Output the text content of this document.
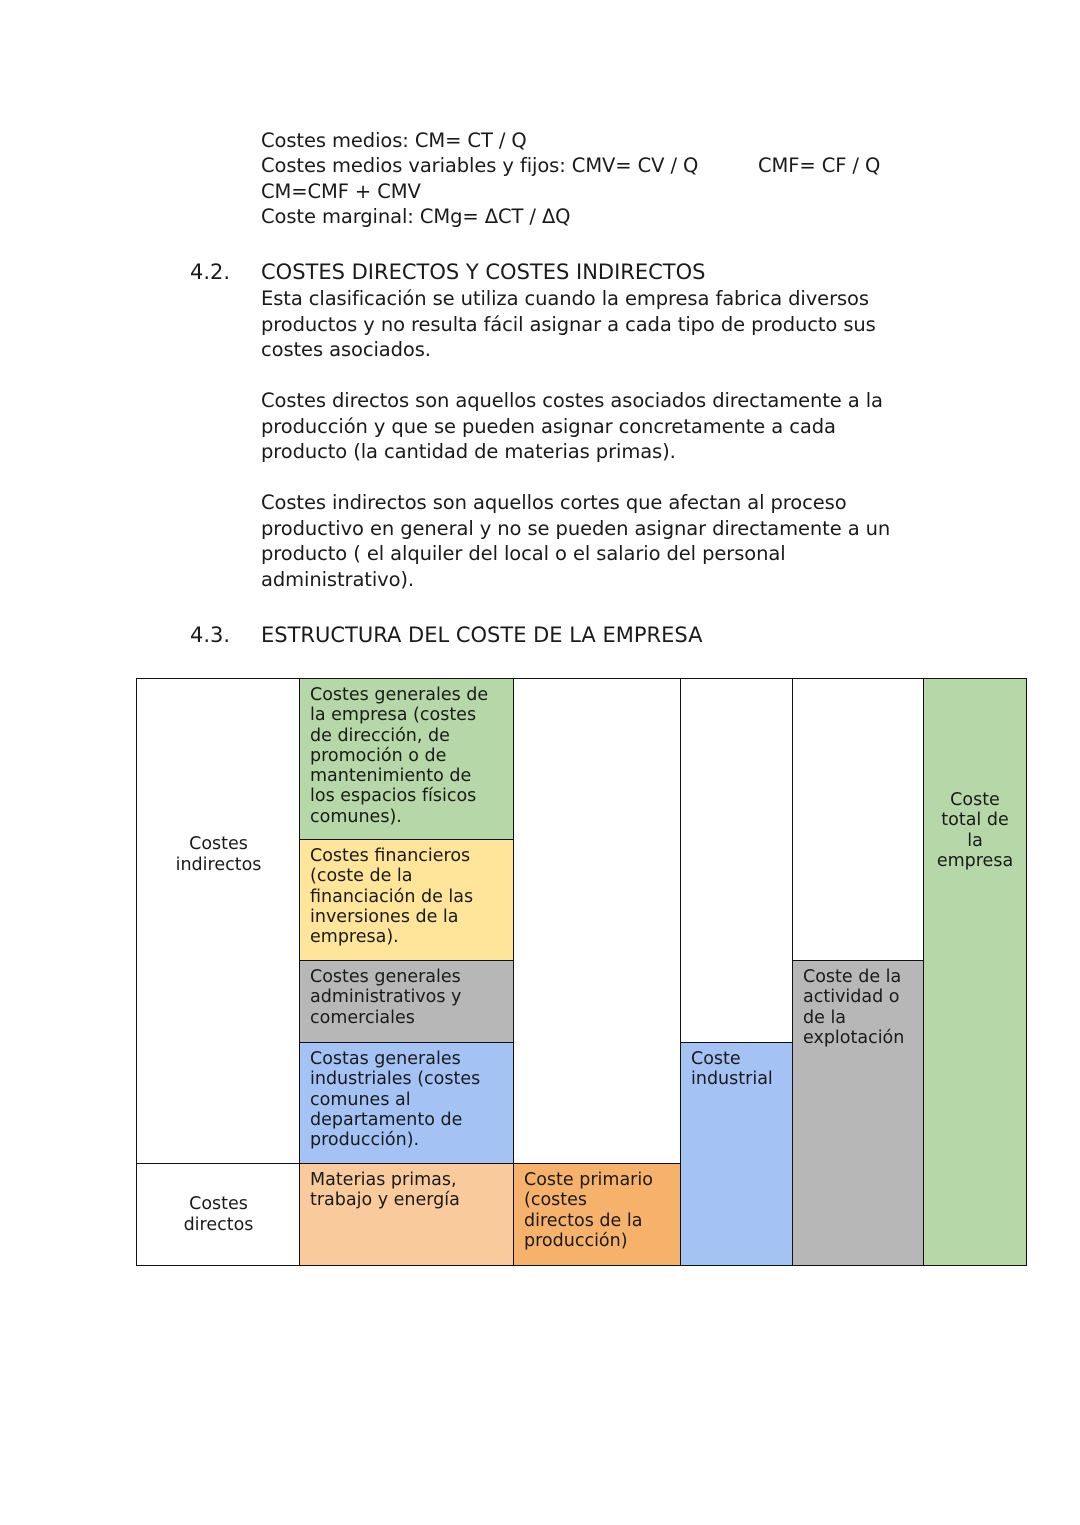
Costes medios: CM= CT / Q
Costes medios variables y fijos: CMV= CV / Q	CMF= CF / Q
CM=CMF + CMV
Coste marginal: CMg= ΔCT / ΔQ
4.2. COSTES DIRECTOS Y COSTES INDIRECTOS
Esta clasificación se utiliza cuando la empresa fabrica diversos
productos y no resulta fácil asignar a cada tipo de producto sus
costes asociados.
Costes directos son aquellos costes asociados directamente a la
producción y que se pueden asignar concretamente a cada
producto (la cantidad de materias primas).
Costes indirectos son aquellos cortes que afectan al proceso
productivo en general y no se pueden asignar directamente a un
producto ( el alquiler del local o el salario del personal
administrativo).
4.3. ESTRUCTURA DEL COSTE DE LA EMPRESA
Costes
indirectos
Costes
directos
Costes generales de
la empresa (costes
de dirección, de
promoción o de
mantenimiento de
los espacios físicos
comunes).
Costes financieros
(coste de la
financiación de las
inversiones de la
empresa).
Costes generales
administrativos y
comerciales
Costas generales
industriales (costes
comunes al
departamento de
producción).
Materias primas,
trabajo y energía
Coste primario
(costes
directos de la
producción)
Coste
industrial
Coste de la
actividad o
de la
explotación
Coste
total de
la
empresa
